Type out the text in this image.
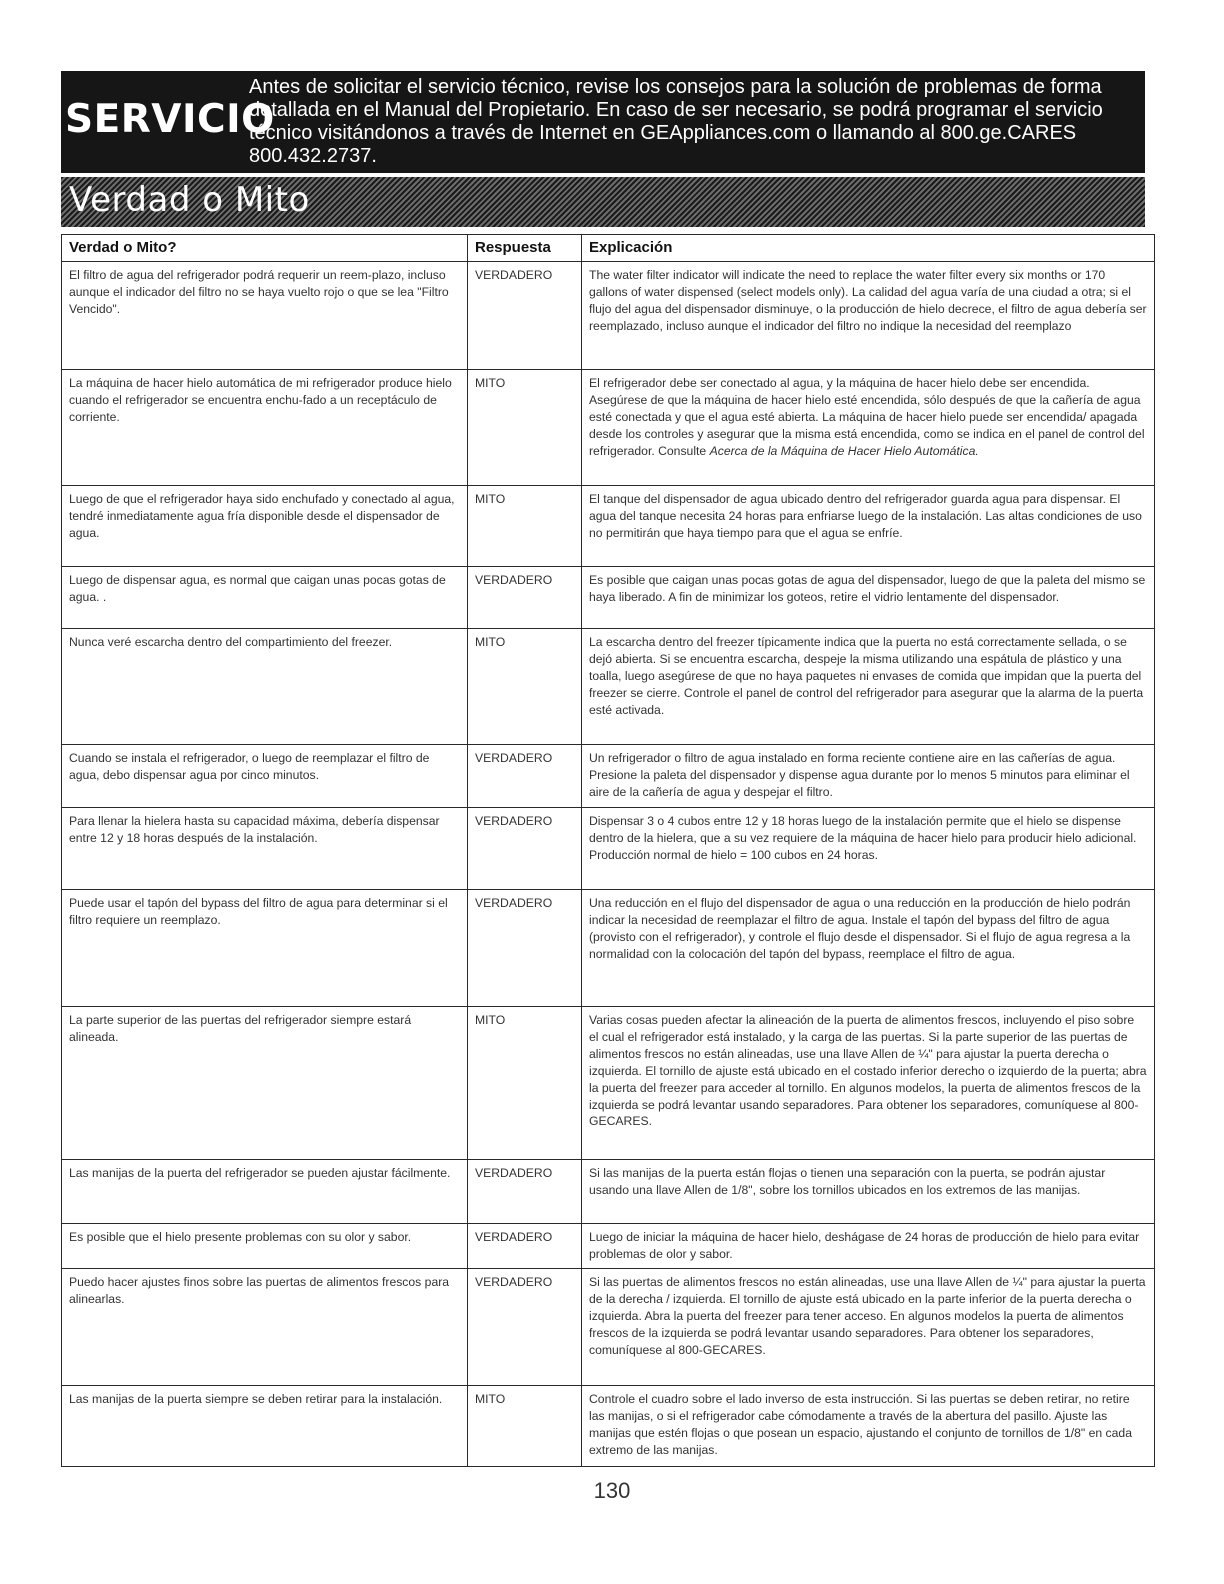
SERVICIO
Antes de solicitar el servicio técnico, revise los consejos para la solución de problemas de forma detallada en el Manual del Propietario. En caso de ser necesario, se podrá programar el servicio técnico visitándonos a través de Internet en GEAppliances.com o llamando al 800.ge.CARES 800.432.2737.
Verdad o Mito
Verdad o Mito?	Respuesta	Explicación
El filtro de agua del refrigerador podrá requerir un reem-plazo, incluso aunque el indicador del filtro no se haya vuelto rojo o que se lea "Filtro Vencido".	VERDADERO	The water filter indicator will indicate the need to replace the water filter every six months or 170 gallons of water dispensed (select models only). La calidad del agua varía de una ciudad a otra; si el flujo del agua del dispensador disminuye, o la producción de hielo decrece, el filtro de agua debería ser reemplazado, incluso aunque el indicador del filtro no indique la necesidad del reemplazo
La máquina de hacer hielo automática de mi refrigerador produce hielo cuando el refrigerador se encuentra enchu-fado a un receptáculo de corriente.	MITO	El refrigerador debe ser conectado al agua, y la máquina de hacer hielo debe ser encendida. Asegúrese de que la máquina de hacer hielo esté encendida, sólo después de que la cañería de agua esté conectada y que el agua esté abierta. La máquina de hacer hielo puede ser encendida/ apagada desde los controles y asegurar que la misma está encendida, como se indica en el panel de control del refrigerador. Consulte Acerca de la Máquina de Hacer Hielo Automática.
Luego de que el refrigerador haya sido enchufado y conectado al agua, tendré inmediatamente agua fría disponible desde el dispensador de agua.	MITO	El tanque del dispensador de agua ubicado dentro del refrigerador guarda agua para dispensar. El agua del tanque necesita 24 horas para enfriarse luego de la instalación. Las altas condiciones de uso no permitirán que haya tiempo para que el agua se enfríe.
Luego de dispensar agua, es normal que caigan unas pocas gotas de agua. .	VERDADERO	Es posible que caigan unas pocas gotas de agua del dispensador, luego de que la paleta del mismo se haya liberado. A fin de minimizar los goteos, retire el vidrio lentamente del dispensador.
Nunca veré escarcha dentro del compartimiento del freezer.	MITO	La escarcha dentro del freezer típicamente indica que la puerta no está correctamente sellada, o se dejó abierta. Si se encuentra escarcha, despeje la misma utilizando una espátula de plástico y una toalla, luego asegúrese de que no haya paquetes ni envases de comida que impidan que la puerta del freezer se cierre. Controle el panel de control del refrigerador para asegurar que la alarma de la puerta esté activada.
Cuando se instala el refrigerador, o luego de reemplazar el filtro de agua, debo dispensar agua por cinco minutos.	VERDADERO	Un refrigerador o filtro de agua instalado en forma reciente contiene aire en las cañerías de agua. Presione la paleta del dispensador y dispense agua durante por lo menos 5 minutos para eliminar el aire de la cañería de agua y despejar el filtro.
Para llenar la hielera hasta su capacidad máxima, debería dispensar entre 12 y 18 horas después de la instalación.	VERDADERO	Dispensar 3 o 4 cubos entre 12 y 18 horas luego de la instalación permite que el hielo se dispense dentro de la hielera, que a su vez requiere de la máquina de hacer hielo para producir hielo adicional. Producción normal de hielo = 100 cubos en 24 horas.
Puede usar el tapón del bypass del filtro de agua para determinar si el filtro requiere un reemplazo.	VERDADERO	Una reducción en el flujo del dispensador de agua o una reducción en la producción de hielo podrán indicar la necesidad de reemplazar el filtro de agua. Instale el tapón del bypass del filtro de agua (provisto con el refrigerador), y controle el flujo desde el dispensador. Si el flujo de agua regresa a la normalidad con la colocación del tapón del bypass, reemplace el filtro de agua.
La parte superior de las puertas del refrigerador siempre estará alineada.	MITO	Varias cosas pueden afectar la alineación de la puerta de alimentos frescos, incluyendo el piso sobre el cual el refrigerador está instalado, y la carga de las puertas. Si la parte superior de las puertas de alimentos frescos no están alineadas, use una llave Allen de ¼" para ajustar la puerta derecha o izquierda. El tornillo de ajuste está ubicado en el costado inferior derecho o izquierdo de la puerta; abra la puerta del freezer para acceder al tornillo. En algunos modelos, la puerta de alimentos frescos de la izquierda se podrá levantar usando separadores. Para obtener los separadores, comuníquese al 800-GECARES.
Las manijas de la puerta del refrigerador se pueden ajustar fácilmente.	VERDADERO	Si las manijas de la puerta están flojas o tienen una separación con la puerta, se podrán ajustar usando una llave Allen de 1/8", sobre los tornillos ubicados en los extremos de las manijas.
Es posible que el hielo presente problemas con su olor y sabor.	VERDADERO	Luego de iniciar la máquina de hacer hielo, deshágase de 24 horas de producción de hielo para evitar problemas de olor y sabor.
Puedo hacer ajustes finos sobre las puertas de alimentos frescos para alinearlas.	VERDADERO	Si las puertas de alimentos frescos no están alineadas, use una llave Allen de ¼" para ajustar la puerta de la derecha / izquierda. El tornillo de ajuste está ubicado en la parte inferior de la puerta derecha o izquierda. Abra la puerta del freezer para tener acceso. En algunos modelos la puerta de alimentos frescos de la izquierda se podrá levantar usando separadores. Para obtener los separadores, comuníquese al 800-GECARES.
Las manijas de la puerta siempre se deben retirar para la instalación.	MITO	Controle el cuadro sobre el lado inverso de esta instrucción. Si las puertas se deben retirar, no retire las manijas, o si el refrigerador cabe cómodamente a través de la abertura del pasillo. Ajuste las manijas que estén flojas o que posean un espacio, ajustando el conjunto de tornillos de 1/8" en cada extremo de las manijas.
130
